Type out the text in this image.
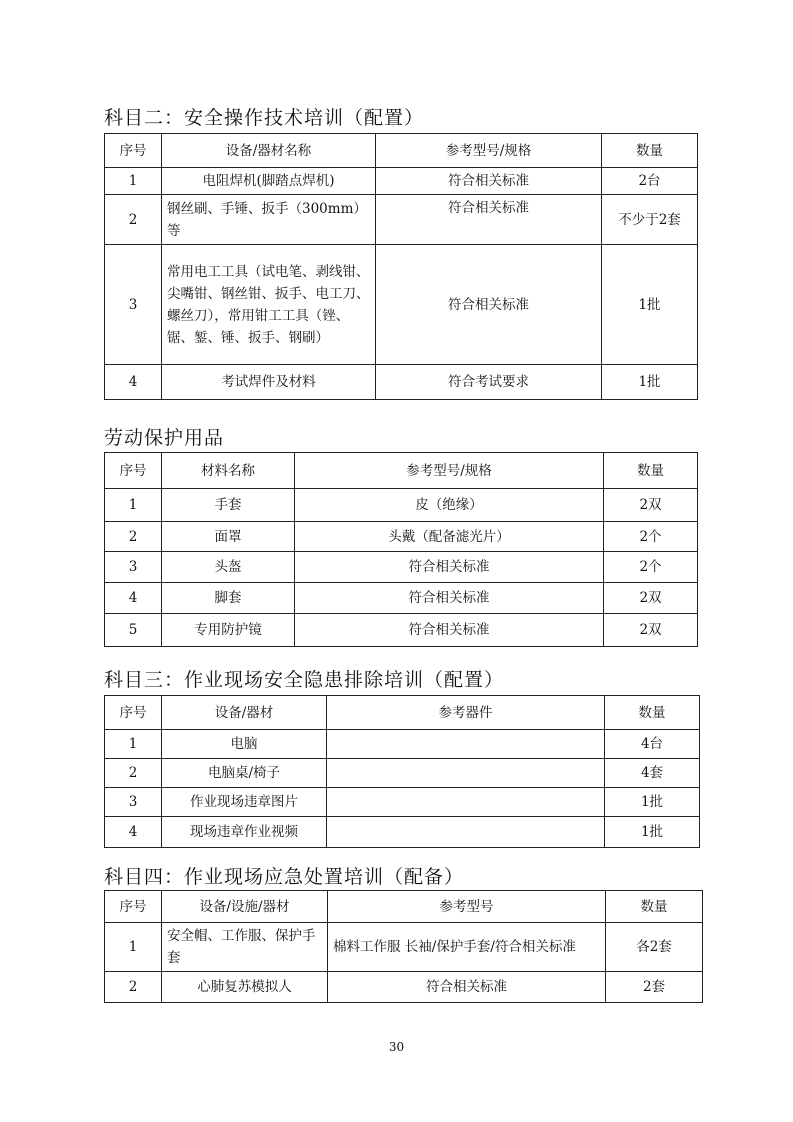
科目二：安全操作技术培训（配置）
序号	设备/器材名称	参考型号/规格	数量
1	电阻焊机(脚踏点焊机)	符合相关标准	2台
2	钢丝刷、手锤、扳手（300mm）等	符合相关标准	不少于2套
3	常用电工工具（试电笔、剥线钳、尖嘴钳、钢丝钳、扳手、电工刀、螺丝刀），常用钳工工具（锉、锯、錾、锤、扳手、钢刷）	符合相关标准	1批
4	考试焊件及材料	符合考试要求	1批
劳动保护用品
序号	材料名称	参考型号/规格	数量
1	手套	皮（绝缘）	2双
2	面罩	头戴（配备滤光片）	2个
3	头盔	符合相关标准	2个
4	脚套	符合相关标准	2双
5	专用防护镜	符合相关标准	2双
科目三：作业现场安全隐患排除培训（配置）
序号	设备/器材	参考器件	数量
1	电脑		4台
2	电脑桌/椅子		4套
3	作业现场违章图片		1批
4	现场违章作业视频		1批
科目四：作业现场应急处置培训（配备）
序号	设备/设施/器材	参考型号	数量
1	安全帽、工作服、保护手套	棉料工作服 长袖/保护手套/符合相关标准	各2套
2	心肺复苏模拟人	符合相关标准	2套
30
